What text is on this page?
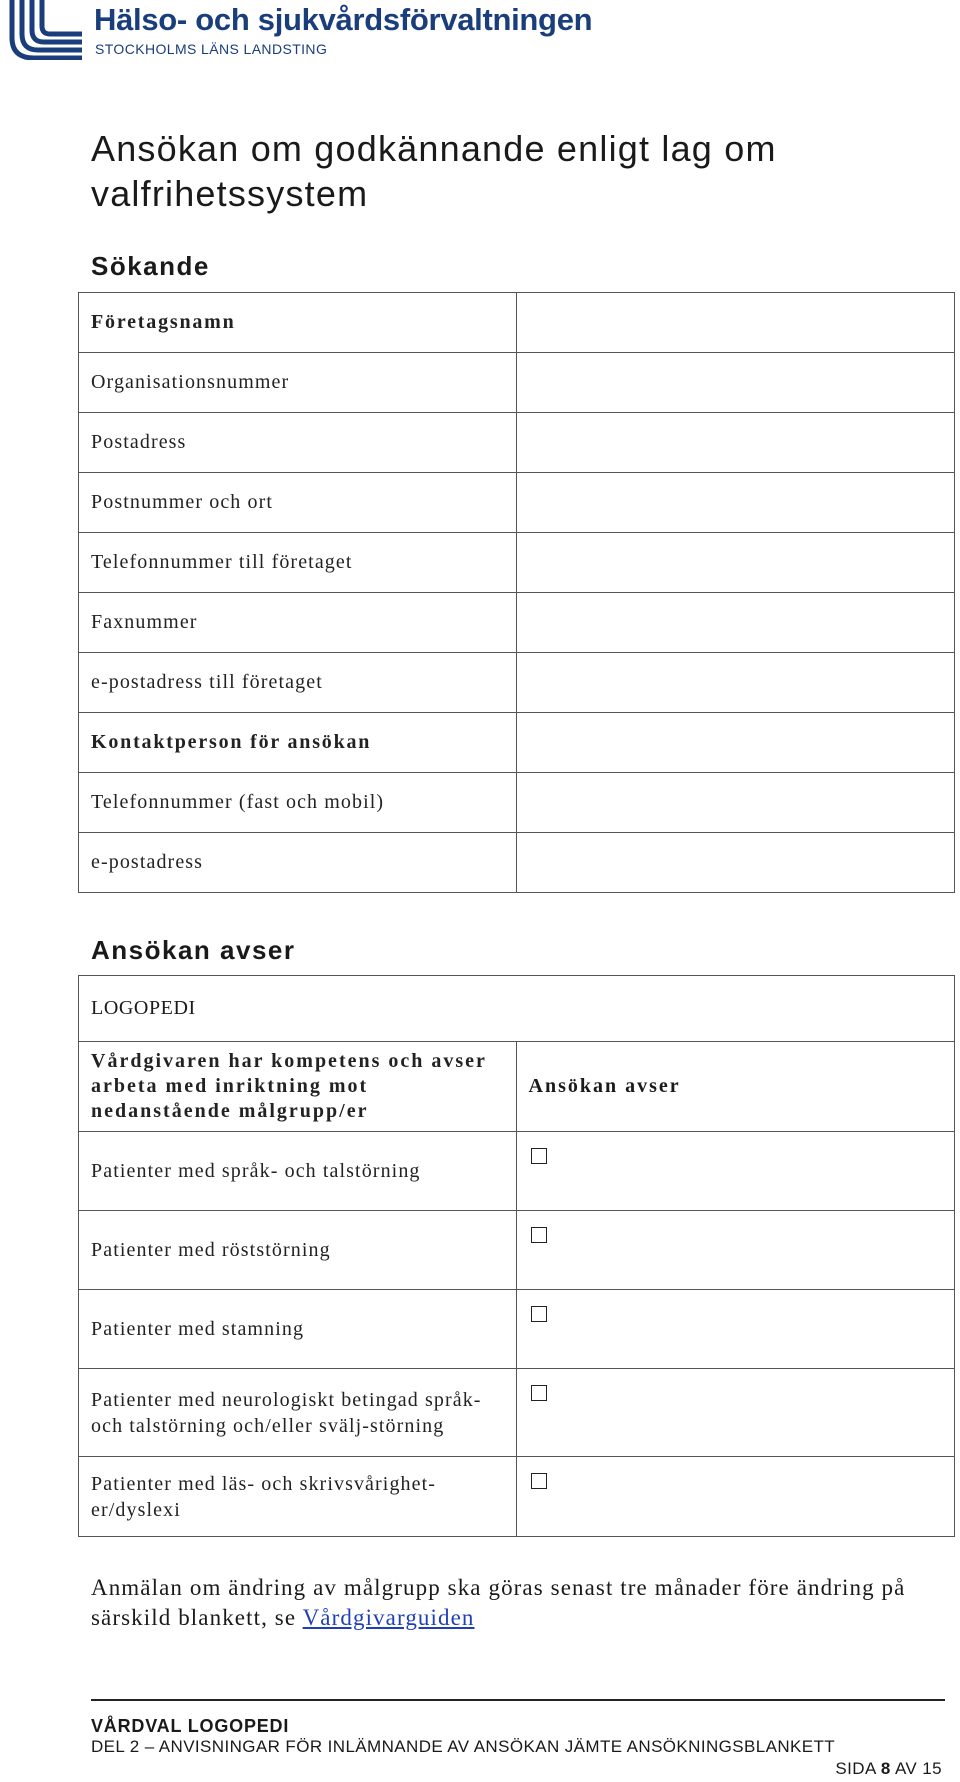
Hälso- och sjukvårdsförvaltningen
STOCKHOLMS LÄNS LANDSTING
Ansökan om godkännande enligt lag om valfrihetssystem
Sökande
Företagsnamn	
Organisationsnummer	
Postadress	
Postnummer och ort	
Telefonnummer till företaget	
Faxnummer	
e-postadress till företaget	
Kontaktperson för ansökan	
Telefonnummer (fast och mobil)	
e-postadress	
Ansökan avser
LOGOPEDI	
Vårdgivaren har kompetens och avser arbeta med inriktning mot nedanstående målgrupp/er	Ansökan avser
Patienter med språk- och talstörning	

Patienter med röststörning	

Patienter med stamning	

Patienter med neurologiskt betingad språk- och talstörning och/eller svälj-störning	

Patienter med läs- och skrivsvårighet-er/dyslexi	

Anmälan om ändring av målgrupp ska göras senast tre månader före ändring på särskild blankett, se Vårdgivarguiden

VÅRDVAL LOGOPEDI
DEL 2 – ANVISNINGAR FÖR INLÄMNANDE AV ANSÖKAN JÄMTE ANSÖKNINGSBLANKETT
SIDA 8 AV 15
